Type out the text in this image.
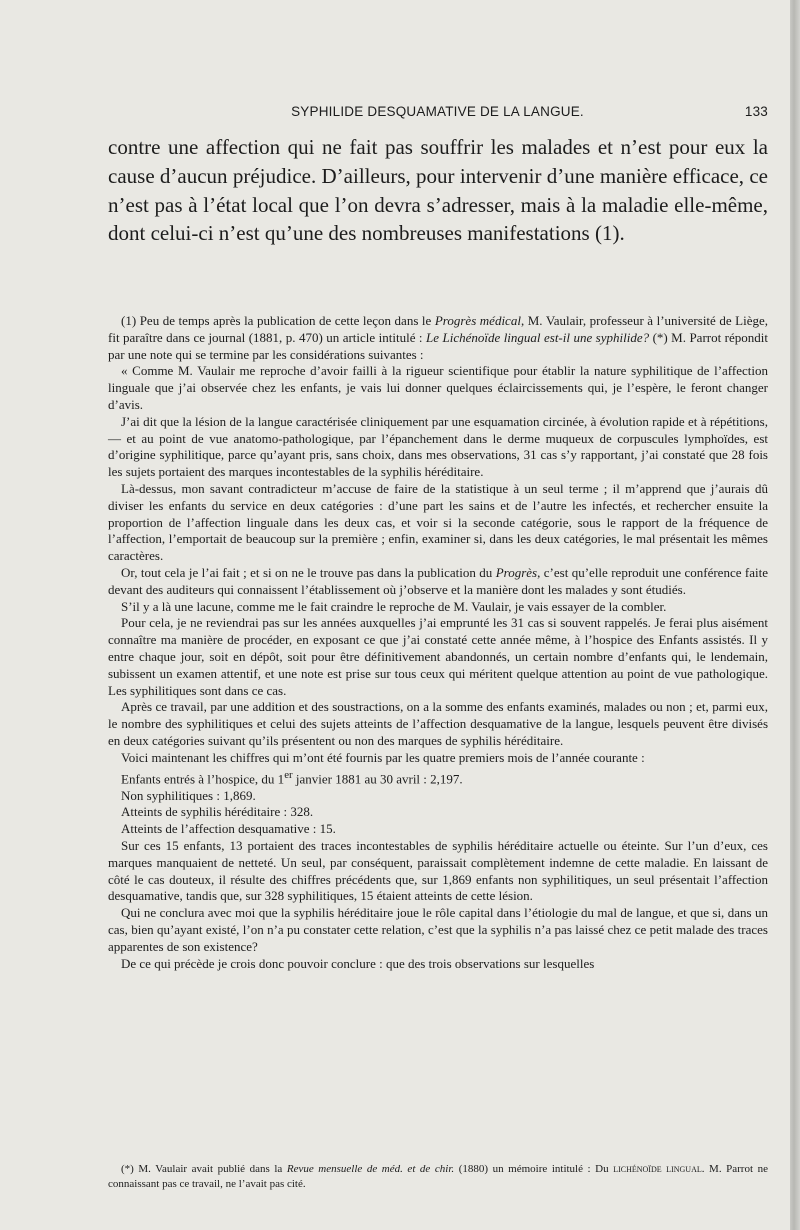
SYPHILIDE DESQUAMATIVE DE LA LANGUE.	133

contre une affection qui ne fait pas souffrir les malades et n’est pour eux la cause d’aucun préjudice. D’ailleurs, pour intervenir d’une manière efficace, ce n’est pas à l’état local que l’on devra s’adresser, mais à la maladie elle-même, dont celui-ci n’est qu’une des nombreuses manifestations (1).

(1) Peu de temps après la publication de cette leçon dans le Progrès médical, M. Vaulair, professeur à l’université de Liège, fit paraître dans ce journal (1881, p. 470) un article intitulé : Le Lichénoïde lingual est-il une syphilide? (*) M. Parrot répondit par une note qui se termine par les considérations suivantes :

« Comme M. Vaulair me reproche d’avoir failli à la rigueur scientifique pour établir la nature syphilitique de l’affection linguale que j’ai observée chez les enfants, je vais lui donner quelques éclaircissements qui, je l’espère, le feront changer d’avis.

J’ai dit que la lésion de la langue caractérisée cliniquement par une esquamation circinée, à évolution rapide et à répétitions, — et au point de vue anatomo-pathologique, par l’épanchement dans le derme muqueux de corpuscules lymphoïdes, est d’origine syphilitique, parce qu’ayant pris, sans choix, dans mes observations, 31 cas s’y rapportant, j’ai constaté que 28 fois les sujets portaient des marques incontestables de la syphilis héréditaire.

Là-dessus, mon savant contradicteur m’accuse de faire de la statistique à un seul terme ; il m’apprend que j’aurais dû diviser les enfants du service en deux catégories : d’une part les sains et de l’autre les infectés, et rechercher ensuite la proportion de l’affection linguale dans les deux cas, et voir si la seconde catégorie, sous le rapport de la fréquence de l’affection, l’emportait de beaucoup sur la première ; enfin, examiner si, dans les deux catégories, le mal présentait les mêmes caractères.

Or, tout cela je l’ai fait ; et si on ne le trouve pas dans la publication du Progrès, c’est qu’elle reproduit une conférence faite devant des auditeurs qui connaissent l’établissement où j’observe et la manière dont les malades y sont étudiés.

S’il y a là une lacune, comme me le fait craindre le reproche de M. Vaulair, je vais essayer de la combler.

Pour cela, je ne reviendrai pas sur les années auxquelles j’ai emprunté les 31 cas si souvent rappelés. Je ferai plus aisément connaître ma manière de procéder, en exposant ce que j’ai constaté cette année même, à l’hospice des Enfants assistés. Il y entre chaque jour, soit en dépôt, soit pour être définitivement abandonnés, un certain nombre d’enfants qui, le lendemain, subissent un examen attentif, et une note est prise sur tous ceux qui méritent quelque attention au point de vue pathologique. Les syphilitiques sont dans ce cas.

Après ce travail, par une addition et des soustractions, on a la somme des enfants examinés, malades ou non ; et, parmi eux, le nombre des syphilitiques et celui des sujets atteints de l’affection desquamative de la langue, lesquels peuvent être divisés en deux catégories suivant qu’ils présentent ou non des marques de syphilis héréditaire.

Voici maintenant les chiffres qui m’ont été fournis par les quatre premiers mois de l’année courante :

Enfants entrés à l’hospice, du 1er janvier 1881 au 30 avril : 2,197.

Non syphilitiques : 1,869.

Atteints de syphilis héréditaire : 328.

Atteints de l’affection desquamative : 15.

Sur ces 15 enfants, 13 portaient des traces incontestables de syphilis héréditaire actuelle ou éteinte. Sur l’un d’eux, ces marques manquaient de netteté. Un seul, par conséquent, paraissait complètement indemne de cette maladie. En laissant de côté le cas douteux, il résulte des chiffres précédents que, sur 1,869 enfants non syphilitiques, un seul présentait l’affection desquamative, tandis que, sur 328 syphilitiques, 15 étaient atteints de cette lésion.

Qui ne conclura avec moi que la syphilis héréditaire joue le rôle capital dans l’étiologie du mal de langue, et que si, dans un cas, bien qu’ayant existé, l’on n’a pu constater cette relation, c’est que la syphilis n’a pas laissé chez ce petit malade des traces apparentes de son existence?

De ce qui précède je crois donc pouvoir conclure : que des trois observations sur lesquelles

(*) M. Vaulair avait publié dans la Revue mensuelle de méd. et de chir. (1880) un mémoire intitulé : Du lichénoïde lingual. M. Parrot ne connaissant pas ce travail, ne l’avait pas cité.
